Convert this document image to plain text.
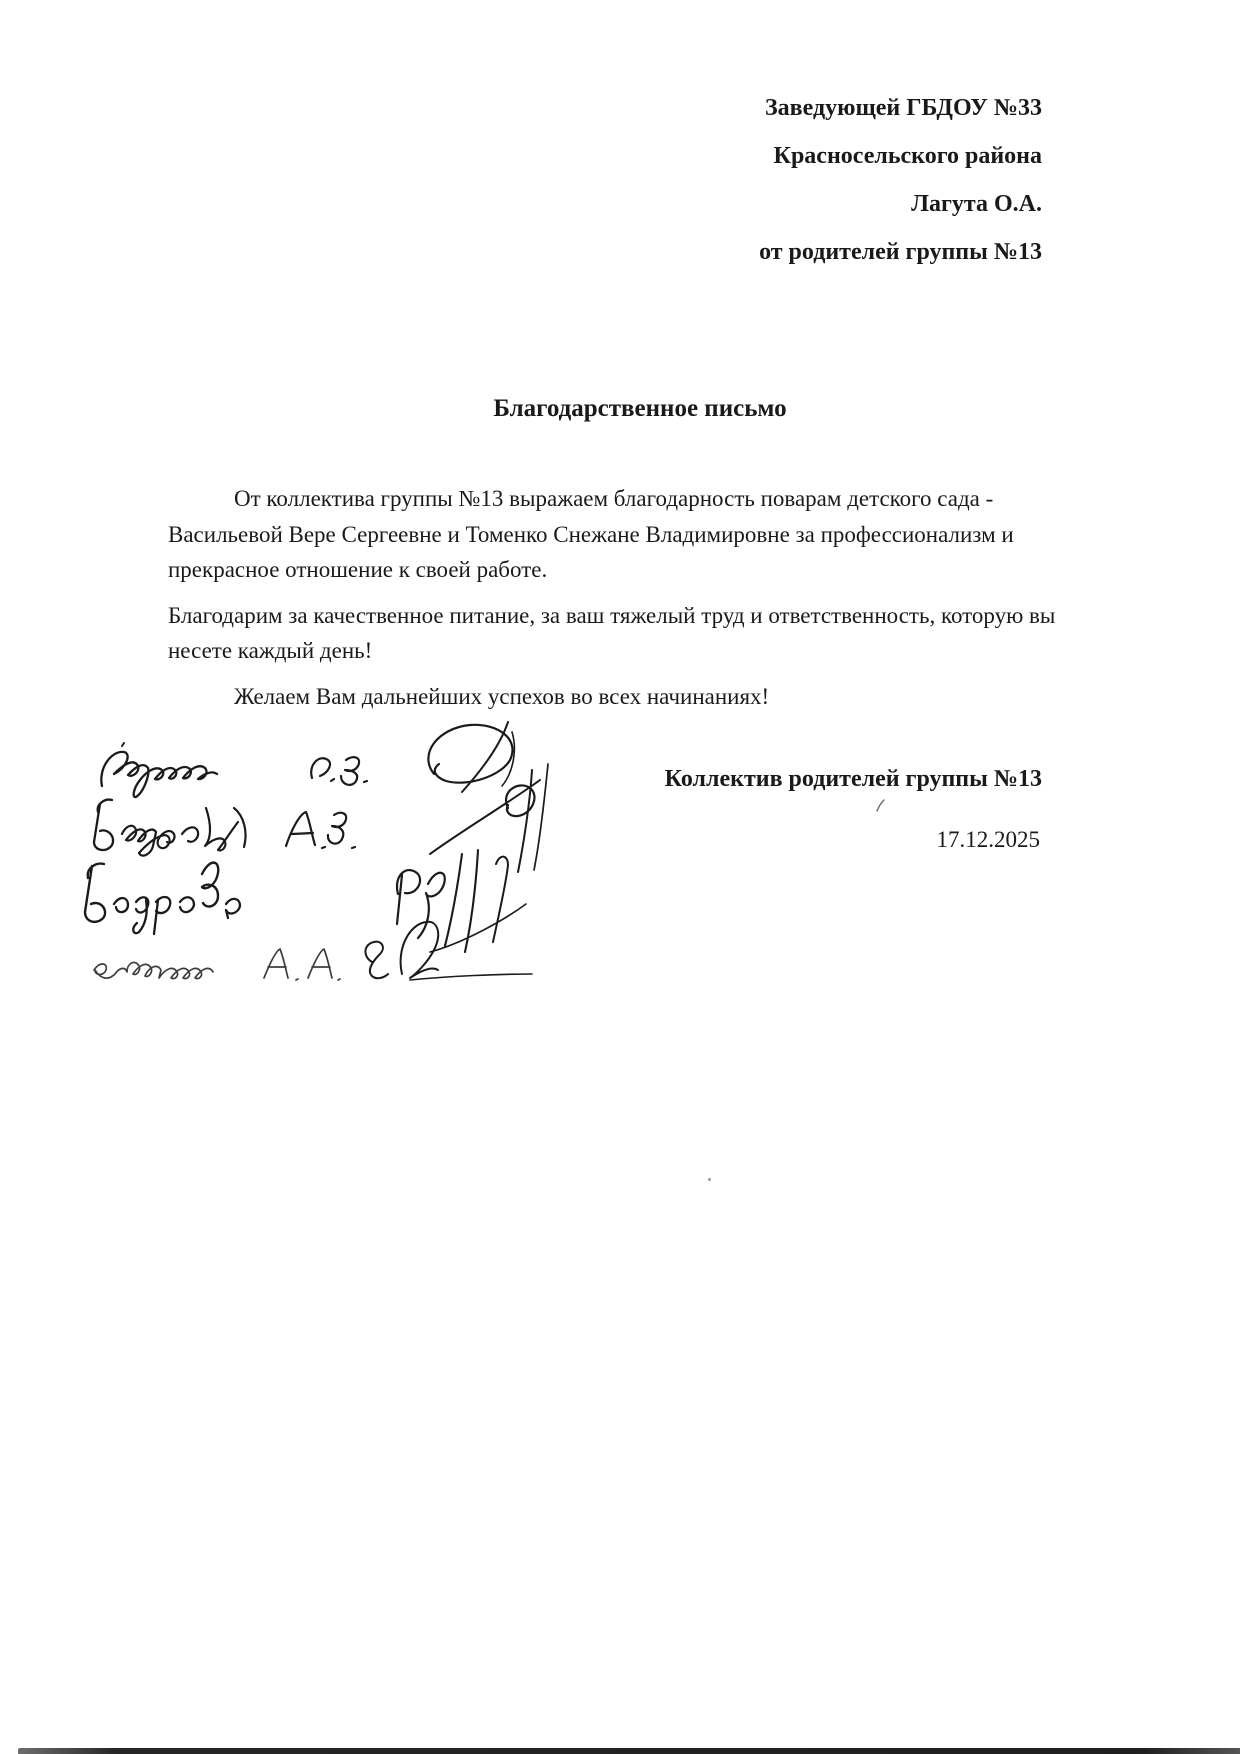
Заведующей ГБДОУ №33
Красносельского района
Лагута О.А.
от родителей группы №13
Благодарственное письмо

От коллектива группы №13 выражаем благодарность поварам детского сада - Васильевой Вере Сергеевне и Томенко Снежане Владимировне за профессионализм и прекрасное отношение к своей работе.

Благодарим за качественное питание, за ваш тяжелый труд и ответственность, которую вы несете каждый день!

Желаем Вам дальнейших успехов во всех начинаниях!

Коллектив родителей группы №13
17.12.2025
